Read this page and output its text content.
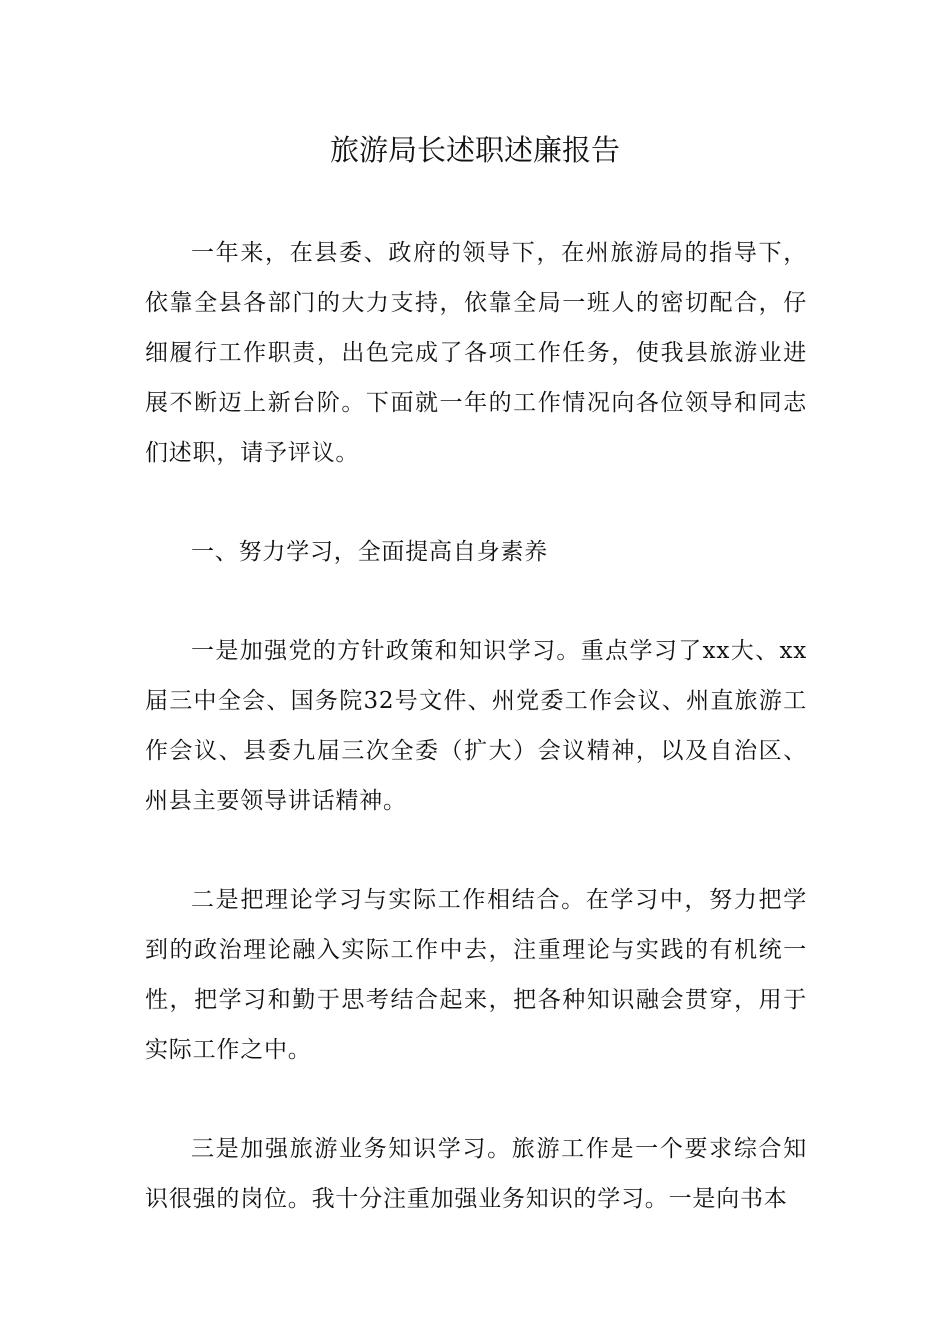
旅游局长述职述廉报告

一年来，在县委、政府的领导下，在州旅游局的指导下，依靠全县各部门的大力支持，依靠全局一班人的密切配合，仔细履行工作职责，出色完成了各项工作任务，使我县旅游业进展不断迈上新台阶。下面就一年的工作情况向各位领导和同志们述职，请予评议。

一、努力学习，全面提高自身素养

一是加强党的方针政策和知识学习。重点学习了xx大、xx届三中全会、国务院32号文件、州党委工作会议、州直旅游工作会议、县委九届三次全委（扩大）会议精神，以及自治区、州县主要领导讲话精神。

二是把理论学习与实际工作相结合。在学习中，努力把学到的政治理论融入实际工作中去，注重理论与实践的有机统一性，把学习和勤于思考结合起来，把各种知识融会贯穿，用于实际工作之中。

三是加强旅游业务知识学习。旅游工作是一个要求综合知识很强的岗位。我十分注重加强业务知识的学习。一是向书本
